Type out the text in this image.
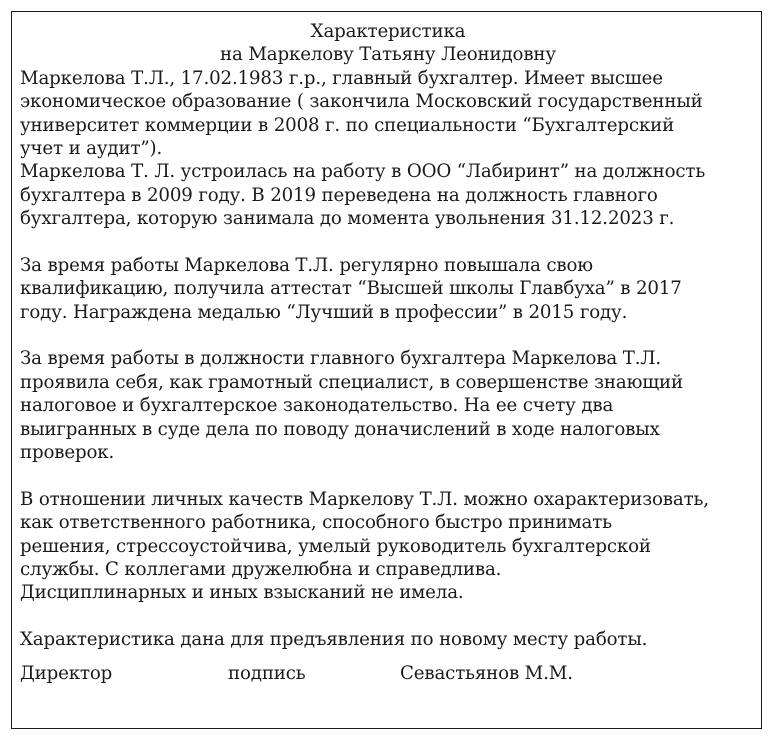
Характеристика
на Маркелову Татьяну Леонидовну
Маркелова Т.Л., 17.02.1983 г.р., главный бухгалтер. Имеет высшее
экономическое образование ( закончила Московский государственный
университет коммерции в 2008 г. по специальности “Бухгалтерский
учет и аудит”).
Маркелова Т. Л. устроилась на работу в ООО “Лабиринт” на должность
бухгалтера в 2009 году. В 2019 переведена на должность главного
бухгалтера, которую занимала до момента увольнения 31.12.2023 г.
За время работы Маркелова Т.Л. регулярно повышала свою
квалификацию, получила аттестат “Высшей школы Главбуха” в 2017
году. Награждена медалью “Лучший в профессии” в 2015 году.
За время работы в должности главного бухгалтера Маркелова Т.Л.
проявила себя, как грамотный специалист, в совершенстве знающий
налоговое и бухгалтерское законодательство. На ее счету два
выигранных в суде дела по поводу доначислений в ходе налоговых
проверок.
В отношении личных качеств Маркелову Т.Л. можно охарактеризовать,
как ответственного работника, способного быстро принимать
решения, стрессоустойчива, умелый руководитель бухгалтерской
службы. С коллегами дружелюбна и справедлива.
Дисциплинарных и иных взысканий не имела.
Характеристика дана для предъявления по новому месту работы.
Директор	подпись	Севастьянов М.М.
